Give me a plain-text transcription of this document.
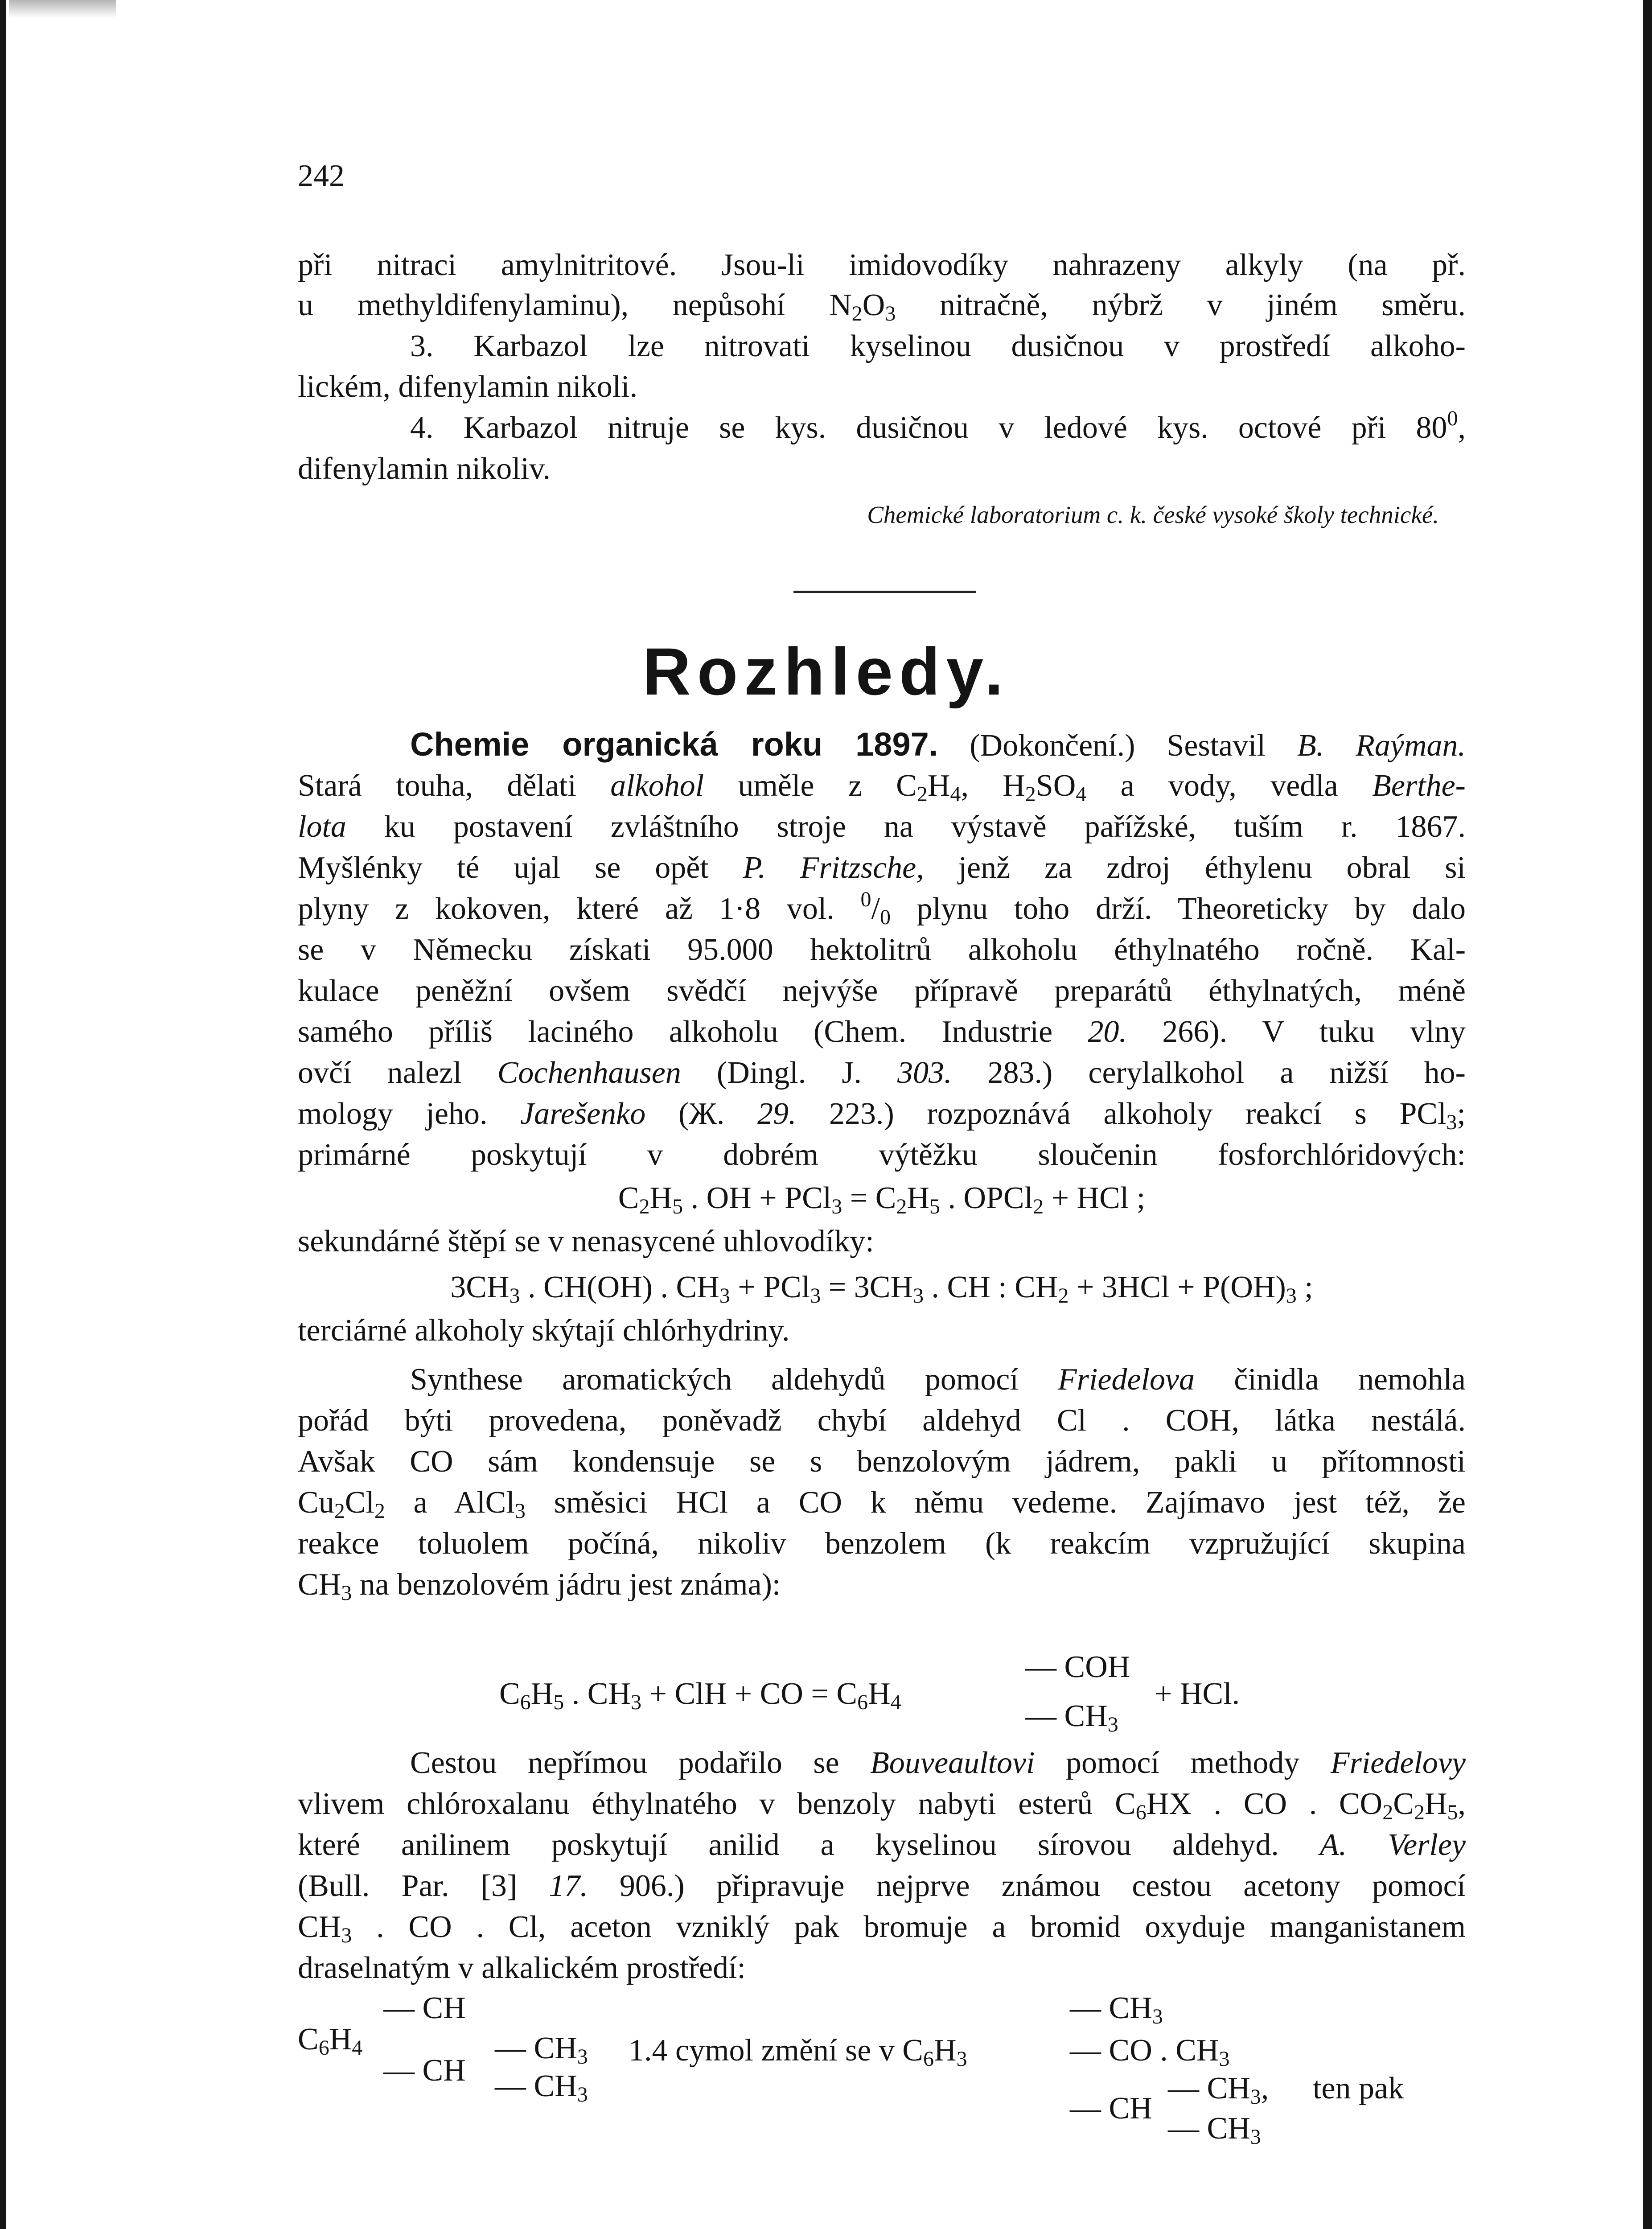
242
při nitraci amylnitritové. Jsou-li imidovodíky nahrazeny alkyly (na př.
u methyldifenylaminu), nepůsohí $N_2O_3$ nitračně, nýbrž v jiném směru.
3. Karbazol lze nitrovati kyselinou dusičnou v prostředí alkoho-
lickém, difenylamin nikoli.
4. Karbazol nitruje se kys. dusičnou v ledové kys. octové při $80^0$,
difenylamin nikoliv.
Chemické laboratorium c. k. české vysoké školy technické.
Rozhledy.
Chemie organická roku 1897. (Dokončení.) Sestavil B. Raýman.
Stará touha, dělati alkohol uměle z $C_2H_4$, $H_2SO_4$ a vody, vedla Berthe-
lota ku postavení zvláštního stroje na výstavě pařížské, tuším r. 1867.
Myšlénky té ujal se opět P. Fritzsche, jenž za zdroj éthylenu obral si
plyny z kokoven, které až 1·8 vol. $^0/_0$ plynu toho drží. Theoreticky by dalo
se v Německu získati 95.000 hektolitrů alkoholu éthylnatého ročně. Kal-
kulace peněžní ovšem svědčí nejvýše přípravě preparátů éthylnatých, méně
samého příliš laciného alkoholu (Chem. Industrie 20. 266). V tuku vlny
ovčí nalezl Cochenhausen (Dingl. J. 303. 283.) cerylalkohol a nižší ho-
mology jeho. Jarešenko (Ж. 29. 223.) rozpoznává alkoholy reakcí s PCl$_3$;
primárné poskytují v dobrém výtěžku sloučenin fosforchlóridových:
$C_2H_5$ . OH + $PCl_3 = C_2H_5$ . OPCl$_2$ + HCl ;
sekundárné štěpí se v nenasycené uhlovodíky:
$3CH_3$ . CH(OH) . $CH_3 + PCl_3 = 3CH_3$ . CH : $CH_2 + 3HCl + P(OH)_3$ ;
terciárné alkoholy skýtají chlórhydriny.
Synthese aromatických aldehydů pomocí Friedelova činidla nemohla
pořád býti provedena, poněvadž chybí aldehyd Cl . COH, látka nestálá.
Avšak CO sám kondensuje se s benzolovým jádrem, pakli u přítomnosti
$Cu_2Cl_2$ a AlCl$_3$ směsici HCl a CO k němu vedeme. Zajímavo jest též, že
reakce toluolem počíná, nikoliv benzolem (k reakcím vzpružující skupina
$CH_3$ na benzolovém jádru jest známa):
$C_6H_5$ . $CH_3$ + ClH + CO = $C_6H_4$
— COH
— $CH_3$
+ HCl.
Cestou nepřímou podařilo se Bouveaultovi pomocí methody Friedelovy
vlivem chlóroxalanu éthylnatého v benzoly nabyti esterů $C_6HX$ . CO . $CO_2C_2H_5$,
které anilinem poskytují anilid a kyselinou sírovou aldehyd. A. Verley
(Bull. Par. [3] 17. 906.) připravuje nejprve známou cestou acetony pomocí
$CH_3$ . CO . Cl, aceton vzniklý pak bromuje a bromid oxyduje manganistanem
draselnatým v alkalickém prostředí:
— CH
$C_6H_4$
— CH
— $CH_3$
— $CH_3$
1.4 cymol změní se v $C_6H_3$
— $CH_3$
— CO . $CH_3$
— CH
— $CH_3$,
— $CH_3$
ten pak
